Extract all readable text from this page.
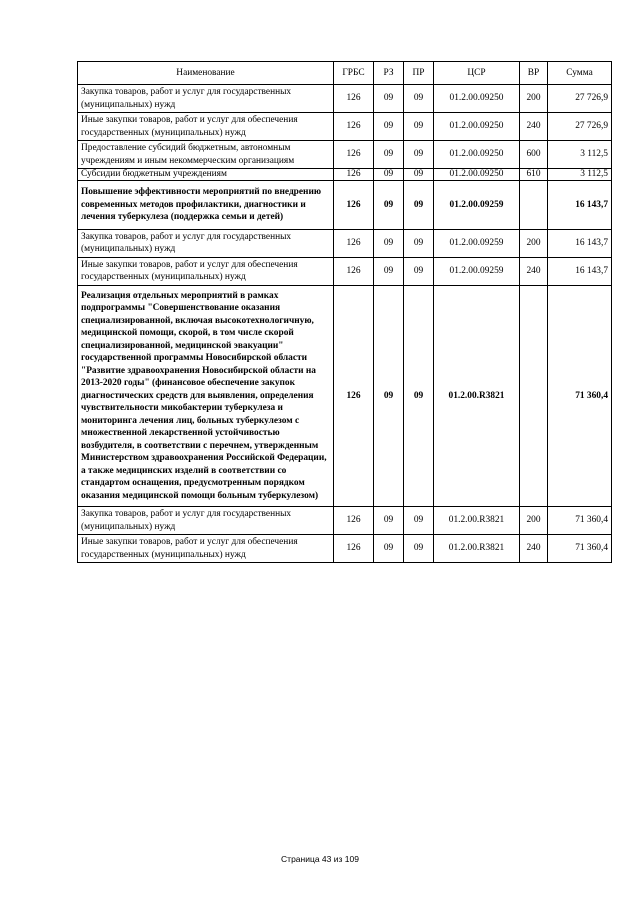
Наименование	ГРБС	РЗ	ПР	ЦСР	ВР	Сумма
Закупка товаров, работ и услуг для государственных (муниципальных) нужд	126	09	09	01.2.00.09250	200	27 726,9
Иные закупки товаров, работ и услуг для обеспечения государственных (муниципальных) нужд	126	09	09	01.2.00.09250	240	27 726,9
Предоставление субсидий бюджетным, автономным учреждениям и иным некоммерческим организациям	126	09	09	01.2.00.09250	600	3 112,5
Субсидии бюджетным учреждениям	126	09	09	01.2.00.09250	610	3 112,5
Повышение эффективности мероприятий по внедрению современных методов профилактики, диагностики и лечения туберкулеза (поддержка семьи и детей)	126	09	09	01.2.00.09259		16 143,7
Закупка товаров, работ и услуг для государственных (муниципальных) нужд	126	09	09	01.2.00.09259	200	16 143,7
Иные закупки товаров, работ и услуг для обеспечения государственных (муниципальных) нужд	126	09	09	01.2.00.09259	240	16 143,7
Реализация отдельных мероприятий в рамках подпрограммы "Совершенствование оказания специализированной, включая высокотехнологичную, медицинской помощи, скорой, в том числе скорой специализированной, медицинской эвакуации" государственной программы Новосибирской области "Развитие здравоохранения Новосибирской области на 2013-2020 годы" (финансовое обеспечение закупок диагностических средств для выявления, определения чувствительности микобактерии туберкулеза и мониторинга лечения лиц, больных туберкулезом с множественной лекарственной устойчивостью возбудителя, в соответствии с перечнем, утвержденным Министерством здравоохранения Российской Федерации, а также медицинских изделий в соответствии со стандартом оснащения, предусмотренным порядком оказания медицинской помощи больным туберкулезом)	126	09	09	01.2.00.R3821		71 360,4
Закупка товаров, работ и услуг для государственных (муниципальных) нужд	126	09	09	01.2.00.R3821	200	71 360,4
Иные закупки товаров, работ и услуг для обеспечения государственных (муниципальных) нужд	126	09	09	01.2.00.R3821	240	71 360,4
Страница 43 из 109
